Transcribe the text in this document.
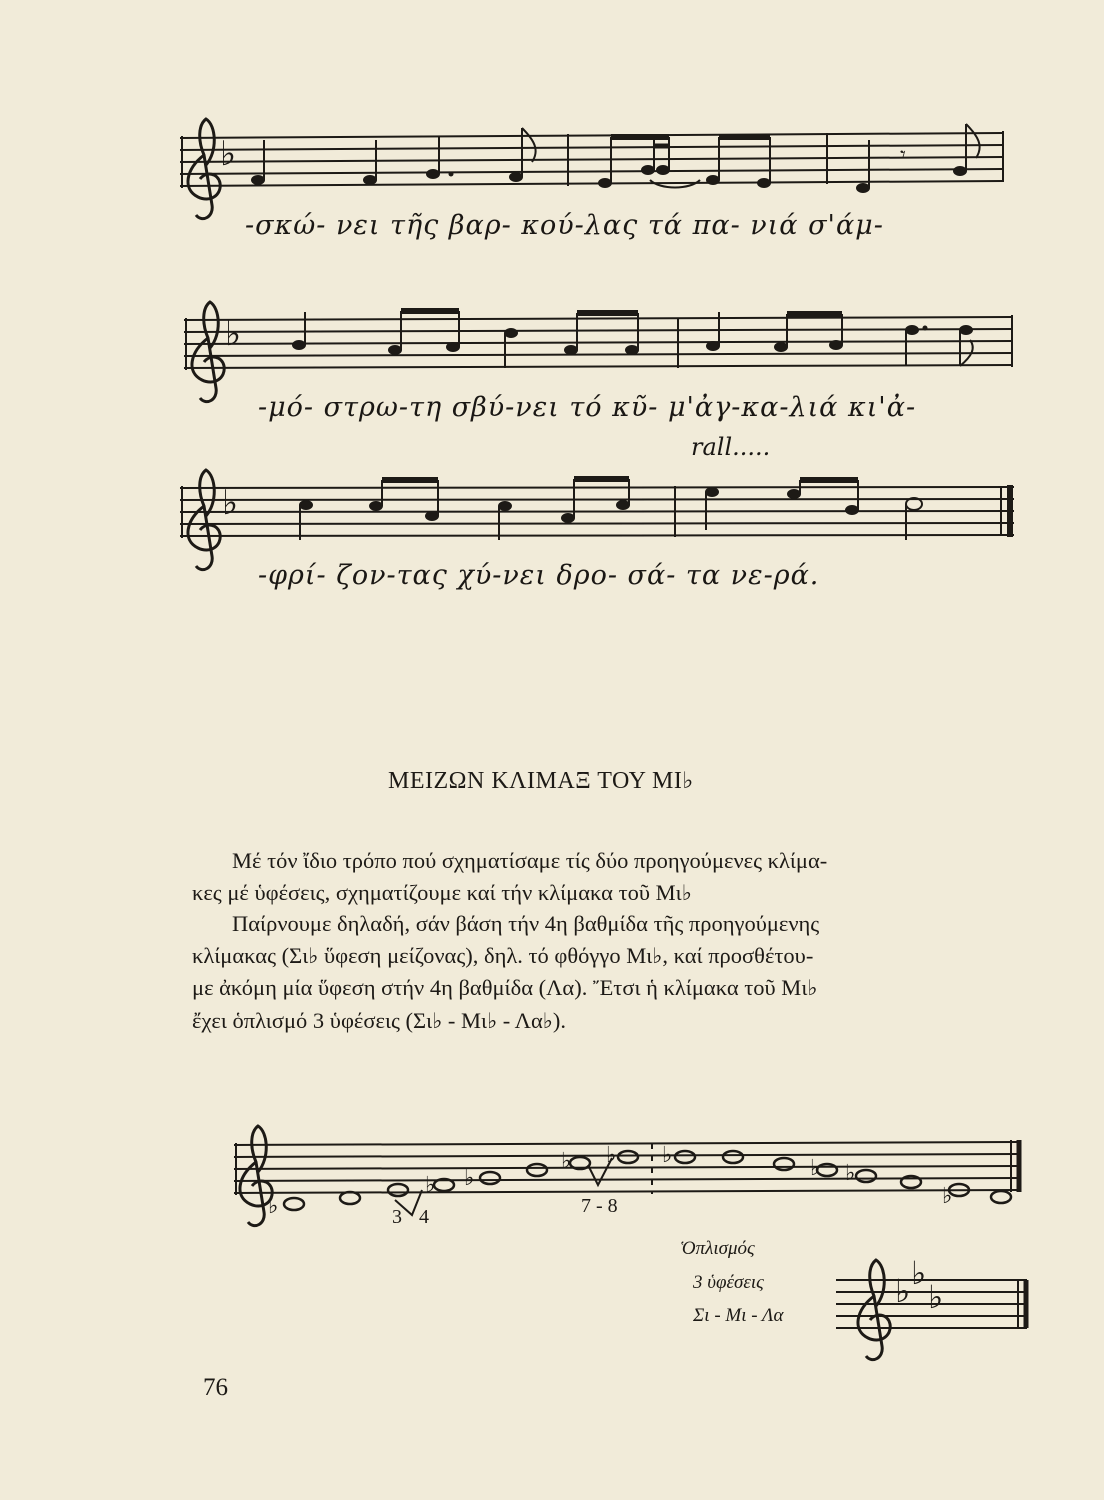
♭	𝄾
♭
♭
♭
♭ ♭
♭ ♭ ♭
♭ ♭
♭
♭ ♭
♭
-σκώ- νει τῆς βαρ- κού-λας τά πα- νιά σ'άμ-
-μό- στρω-τη σβύ-νει τό κῦ- μ'ἀγ-κα-λιά κι'ἀ-
rall.....
-φρί- ζον-τας χύ-νει δρο- σά- τα νε-ρά.
ΜΕΙΖΩΝ ΚΛΙΜΑΞ ΤΟΥ ΜΙ♭

Μέ τόν ἴδιο τρόπο πού σχηματίσαμε τίς δύο προηγούμενες κλίμα-

κες μέ ὑφέσεις, σχηματίζουμε καί τήν κλίμακα τοῦ Μι♭

Παίρνουμε δηλαδή, σάν βάση τήν 4η βαθμίδα τῆς προηγούμενης

κλίμακας (Σι♭ ὕφεση μείζονας), δηλ. τό φθόγγο Μι♭, καί προσθέτου-
με ἀκόμη μία ὕφεση στήν 4η βαθμίδα (Λα). Ἔτσι ἡ κλίμακα τοῦ Μι♭
ἔχει ὁπλισμό 3 ὑφέσεις (Σι♭ - Μι♭ - Λα♭).
3 4	7 - 8
Ὁπλισμός
3 ὑφέσεις
Σι - Μι - Λα
76
